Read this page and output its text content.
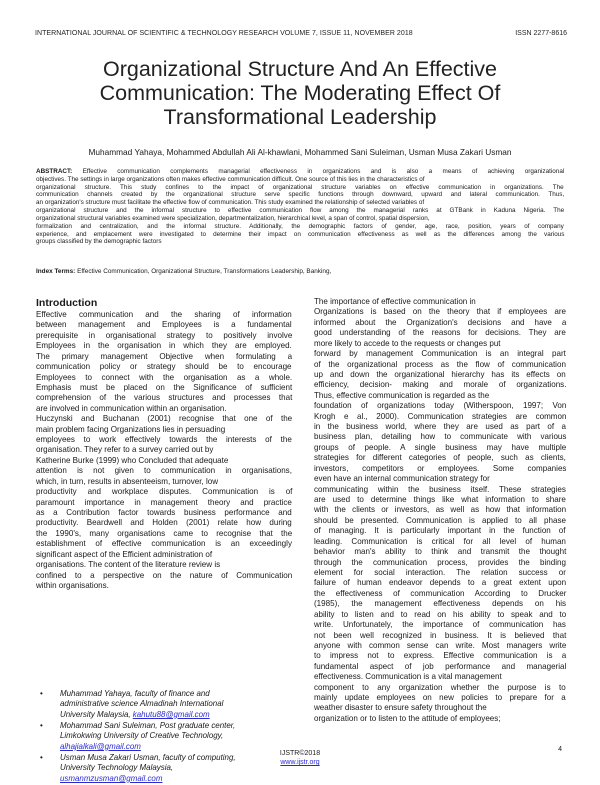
INTERNATIONAL JOURNAL OF SCIENTIFIC & TECHNOLOGY RESEARCH VOLUME 7, ISSUE 11, NOVEMBER 2018	ISSN 2277-8616
Organizational Structure And An Effective
Communication: The Moderating Effect Of
Transformational Leadership
Muhammad Yahaya, Mohammed Abdullah Ali Al-khawlani, Mohammed Sani Suleiman, Usman Musa Zakari Usman
ABSTRACT: Effective communication complements managerial effectiveness in organizations and is also a means of achieving organizational
objectives. The settings in large organizations often makes effective communication difficult. One source of this lies in the characteristics of
organizational structure. This study confines to the impact of organizational structure variables on effective communication in organizations. The
communication channels created by the organizational structure serve specific functions through downward, upward and lateral communication. Thus,
an organization's structure must facilitate the effective flow of communication. This study examined the relationship of selected variables of
organizational structure and the informal structure to effective communication flow among the managerial ranks at GTBank in Kaduna Nigeria. The
organizational structural variables examined were specialization, departmentalization, hierarchical level, a span of control, spatial dispersion,
formalization and centralization, and the informal structure. Additionally, the demographic factors of gender, age, race, position, years of company
experience, and emplacement were investigated to determine their impact on communication effectiveness as well as the differences among the various
groups classified by the demographic factors
Index Terms: Effective Communication, Organizational Structure, Transformations Leadership, Banking,
Introduction
Effective communication and the sharing of information
between management and Employees is a fundamental
prerequisite in organisational strategy to positively involve
Employees in the organisation in which they are employed.
The primary management Objective when formulating a
communication policy or strategy should be to encourage
Employees to connect with the organisation as a whole.
Emphasis must be placed on the Significance of sufficient
comprehension of the various structures and processes that
are involved in communication within an organisation.
Huczynski and Buchanan (2001) recognise that one of the
main problem facing Organizations lies in persuading
employees to work effectively towards the interests of the
organisation. They refer to a survey carried out by
Katherine Burke (1999) who Concluded that adequate
attention is not given to communication in organisations,
which, in turn, results in absenteeism, turnover, low
productivity and workplace disputes. Communication is of
paramount importance in management theory and practice
as a Contribution factor towards business performance and
productivity. Beardwell and Holden (2001) relate how during
the 1990's, many organisations came to recognise that the
establishment of effective communication is an exceedingly
significant aspect of the Efficient administration of
organisations. The content of the literature review is
confined to a perspective on the nature of Communication
within organisations.
The importance of effective communication in
Organizations is based on the theory that if employees are
informed about the Organization's decisions and have a
good understanding of the reasons for decisions. They are
more likely to accede to the requests or changes put
forward by management Communication is an integral part
of the organizational process as the flow of communication
up and down the organizational hierarchy has its effects on
efficiency, decision- making and morale of organizations.
Thus, effective communication is regarded as the
foundation of organizations today (Witherspoon, 1997; Von
Krogh e al., 2000). Communication strategies are common
in the business world, where they are used as part of a
business plan, detailing how to communicate with various
groups of people. A single business may have multiple
strategies for different categories of people, such as clients,
investors, competitors or employees. Some companies
even have an internal communication strategy for
communicating within the business itself. These strategies
are used to determine things like what information to share
with the clients or investors, as well as how that information
should be presented. Communication is applied to all phase
of managing. It is particularly important in the function of
leading. Communication is critical for all level of human
behavior man's ability to think and transmit the thought
through the communication process, provides the binding
element for social interaction. The relation success or
failure of human endeavor depends to a great extent upon
the effectiveness of communication According to Drucker
(1985), the management effectiveness depends on his
ability to listen and to read on his ability to speak and to
write. Unfortunately, the importance of communication has
not been well recognized in business. It is believed that
anyone with common sense can write. Most managers write
to impress not to express. Effective communication is a
fundamental aspect of job performance and managerial
effectiveness. Communication is a vital management
component to any organization whether the purpose is to
mainly update employees on new policies to prepare for a
weather disaster to ensure safety throughout the
organization or to listen to the attitude of employees;
• Muhammad Yahaya, faculty of finance and
administrative science Almadinah International
University Malaysia, kahutu88@gmail.com
• Mohammad Sani Suleiman, Post graduate center,
Limkokwing University of Creative Technology,
alhajialkali@gmail.com
• Usman Musa Zakari Usman, faculty of computing,
University Technology Malaysia,
usmanmzusman@gmail.com
4
IJSTR©2018
www.ijstr.org
